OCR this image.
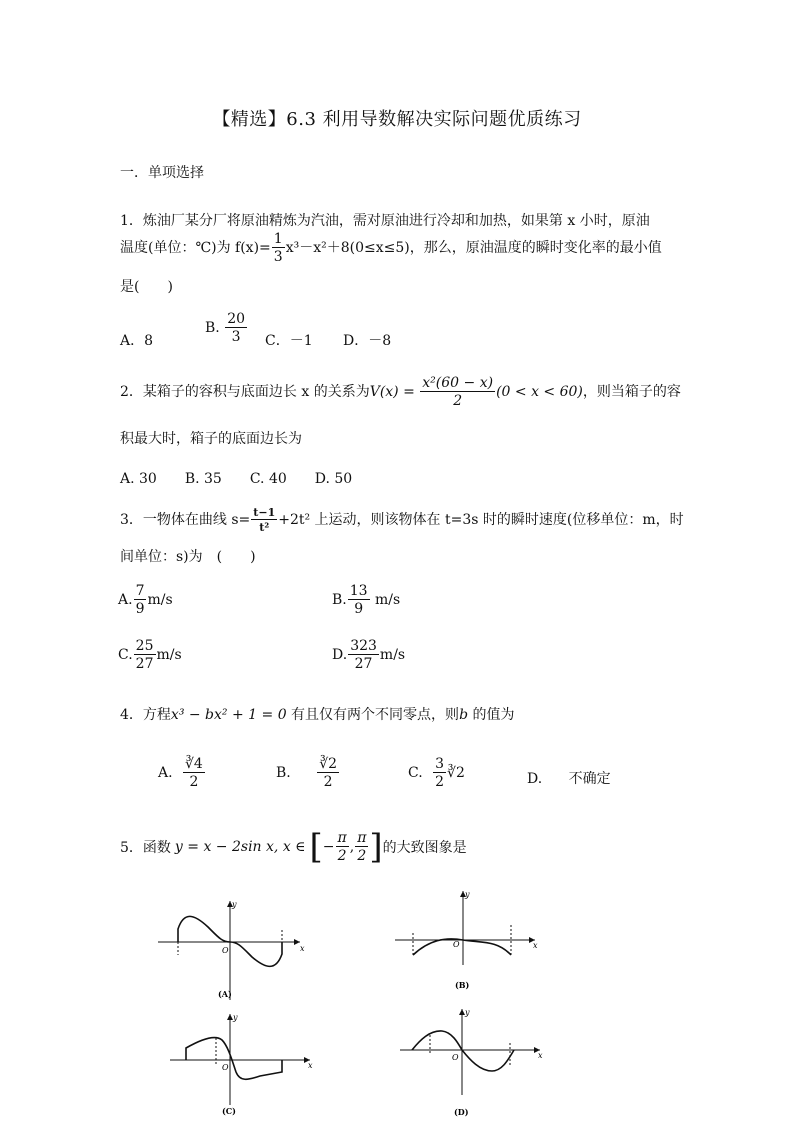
【精选】6.3 利用导数解决实际问题优质练习
一．单项选择
1．炼油厂某分厂将原油精炼为汽油，需对原油进行冷却和加热，如果第 x 小时，原油
温度(单位：℃)为 $f(x)= \frac{1}{3} x^3-x^2+8(0\le x\le 5)$，那么，原油温度的瞬时变化率的最小值
是(　　)
A．8
B. $\frac{20}{3}$ C．－1 D．－8
2．某箱子的容积与底面边长 x 的关系为$V(x) = \frac{\text{x²(60 − x)}}{2} (0 < x < 60)$，则当箱子的容
积最大时，箱子的底面边长为
A. 30　　B. 35　　C. 40　　D. 50
3．一物体在曲线 $s= \frac{t-1}{\text{t²}} +2t^2$ 上运动，则该物体在 t=3s 时的瞬时速度(位移单位：m，时
间单位：s)为　(　　)
A. $\frac{7}{9} m/s$	B. $\frac{13}{9} m/s$
C. $\frac{25}{27} m/s$	D. $\frac{323}{27} m/s$
4．方程x³ − bx² + 1 = 0 有且仅有两个不同零点，则b 的值为
A. $\frac{∛4}{2}$	B. $\frac{∛2}{2}$	C. $\frac{3}{2}$ ∛2	D. 不确定
5．函数 y = x − 2sin x, x ∈ [ − $\frac{\pi}{2}$ , $\frac{\pi}{2}$ ] 的大致图象是
y
x
O
(A)
y
x
O
(B)
y
x
O
(C)
y
x
O
(D)
